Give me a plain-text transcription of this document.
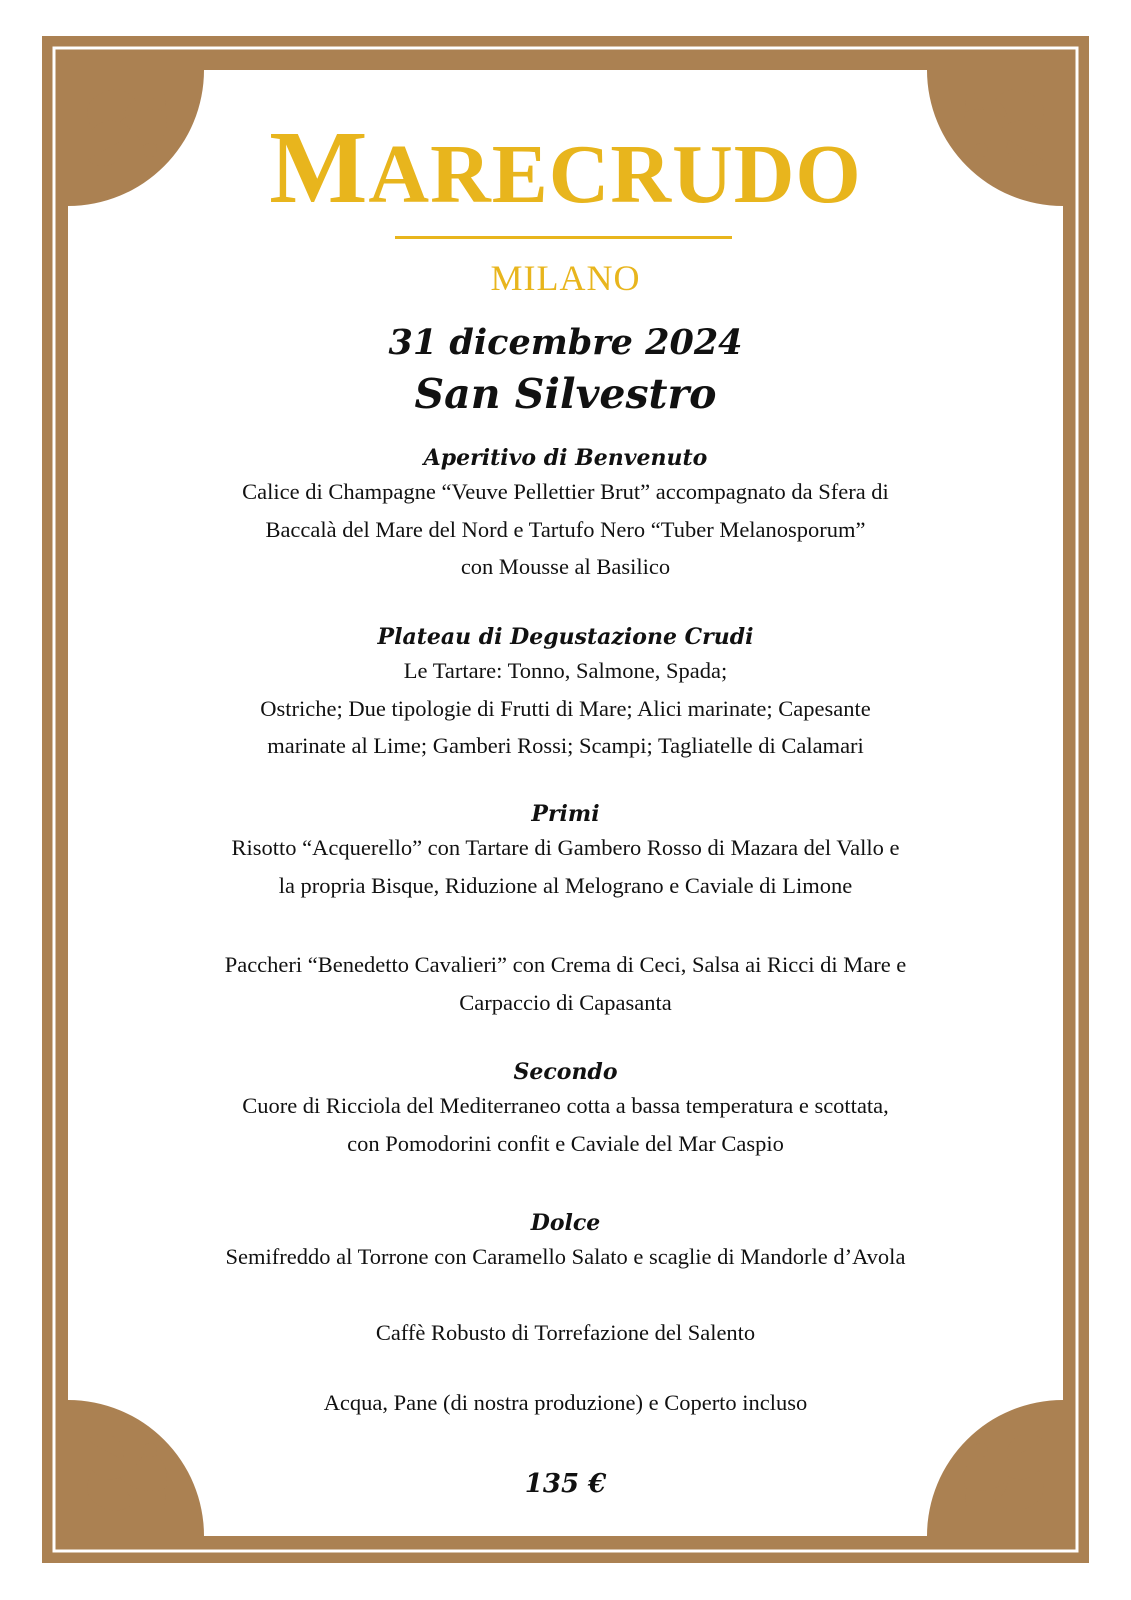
MARECRUDO
MILANO
31 dicembre 2024
San Silvestro
Aperitivo di Benvenuto

Calice di Champagne “Veuve Pellettier Brut” accompagnato da Sfera di

Baccalà del Mare del Nord e Tartufo Nero “Tuber Melanosporum”

con Mousse al Basilico

Plateau di Degustazione Crudi

Le Tartare: Tonno, Salmone, Spada;

Ostriche; Due tipologie di Frutti di Mare; Alici marinate; Capesante

marinate al Lime; Gamberi Rossi; Scampi; Tagliatelle di Calamari

Primi

Risotto “Acquerello” con Tartare di Gambero Rosso di Mazara del Vallo e

la propria Bisque, Riduzione al Melograno e Caviale di Limone

Paccheri “Benedetto Cavalieri” con Crema di Ceci, Salsa ai Ricci di Mare e

Carpaccio di Capasanta

Secondo

Cuore di Ricciola del Mediterraneo cotta a bassa temperatura e scottata,

con Pomodorini confit e Caviale del Mar Caspio

Dolce

Semifreddo al Torrone con Caramello Salato e scaglie di Mandorle d’Avola

Caffè Robusto di Torrefazione del Salento

Acqua, Pane (di nostra produzione) e Coperto incluso

135 €
